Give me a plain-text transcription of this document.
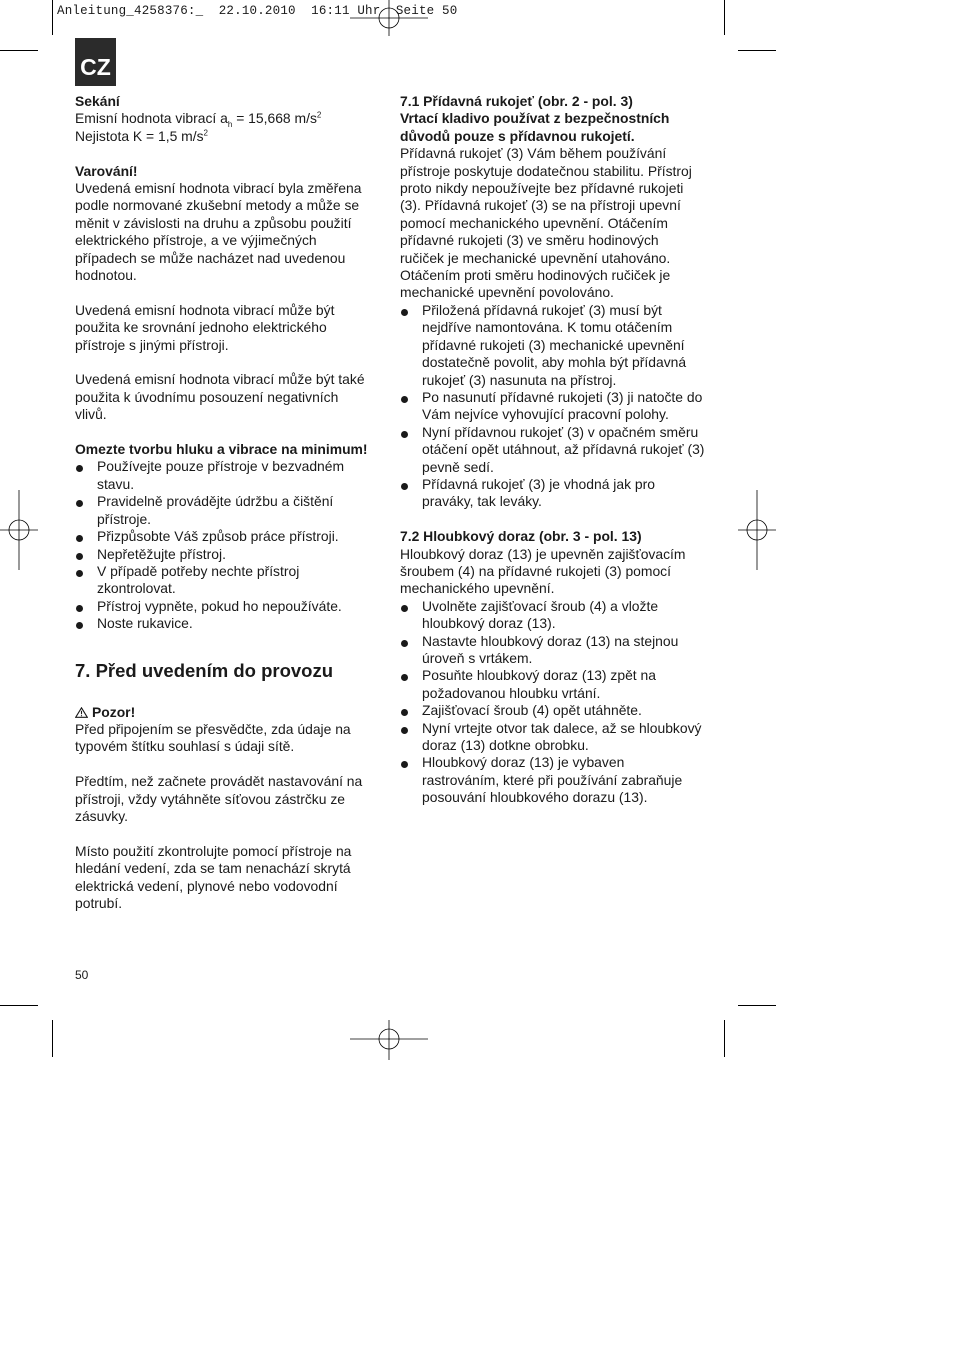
Anleitung_4258376:_  22.10.2010  16:11 Uhr  Seite 50
CZ

Sekání

Emisní hodnota vibrací $a_h = 15,668$ $m/s^2$

Nejistota K = 1,5 $m/s^2$

Varování!

Uvedená emisní hodnota vibrací byla změřena podle normované zkušební metody a může se měnit v závislosti na druhu a způsobu použití elektrického přístroje, a ve výjimečných případech se může nacházet nad uvedenou hodnotou.

Uvedená emisní hodnota vibrací může být použita ke srovnání jednoho elektrického přístroje s jinými přístroji.

Uvedená emisní hodnota vibrací může být také použita k úvodnímu posouzení negativních vlivů.

Omezte tvorbu hluku a vibrace na minimum!

Používejte pouze přístroje v bezvadném stavu.
Pravidelně provádějte údržbu a čištění přístroje.
Přizpůsobte Váš způsob práce přístroji.
Nepřetěžujte přístroj.
V případě potřeby nechte přístroj zkontrolovat.
Přístroj vypněte, pokud ho nepoužíváte.
Noste rukavice.
7. Před uvedením do provozu

Pozor!

Před připojením se přesvědčte, zda údaje na typovém štítku souhlasí s údaji sítě.

Předtím, než začnete provádět nastavování na přístroji, vždy vytáhněte síťovou zástrčku ze zásuvky.

Místo použití zkontrolujte pomocí přístroje na hledání vedení, zda se tam nenachází skrytá elektrická vedení, plynové nebo vodovodní potrubí.

7.1 Přídavná rukojeť (obr. 2 - pol. 3)

Vrtací kladivo používat z bezpečnostních důvodů pouze s přídavnou rukojetí.

Přídavná rukojeť (3) Vám během používání přístroje poskytuje dodatečnou stabilitu. Přístroj proto nikdy nepoužívejte bez přídavné rukojeti (3). Přídavná rukojeť (3) se na přístroji upevní pomocí mechanického upevnění. Otáčením přídavné rukojeti (3) ve směru hodinových ručiček je mechanické upevnění utahováno. Otáčením proti směru hodinových ručiček je mechanické upevnění povolováno.

Přiložená přídavná rukojeť (3) musí být nejdříve namontována. K tomu otáčením přídavné rukojeti (3) mechanické upevnění dostatečně povolit, aby mohla být přídavná rukojeť (3) nasunuta na přístroj.
Po nasunutí přídavné rukojeti (3) ji natočte do Vám nejvíce vyhovující pracovní polohy.
Nyní přídavnou rukojeť (3) v opačném směru otáčení opět utáhnout, až přídavná rukojeť (3) pevně sedí.
Přídavná rukojeť (3) je vhodná jak pro praváky, tak leváky.

7.2 Hloubkový doraz (obr. 3 - pol. 13)

Hloubkový doraz (13) je upevněn zajišťovacím šroubem (4) na přídavné rukojeti (3) pomocí mechanického upevnění.

Uvolněte zajišťovací šroub (4) a vložte hloubkový doraz (13).
Nastavte hloubkový doraz (13) na stejnou úroveň s vrtákem.
Posuňte hloubkový doraz (13) zpět na požadovanou hloubku vrtání.
Zajišťovací šroub (4) opět utáhněte.
Nyní vrtejte otvor tak dalece, až se hloubkový doraz (13) dotkne obrobku.
Hloubkový doraz (13) je vybaven rastrováním, které při používání zabraňuje posouvání hloubkového dorazu (13).
50
